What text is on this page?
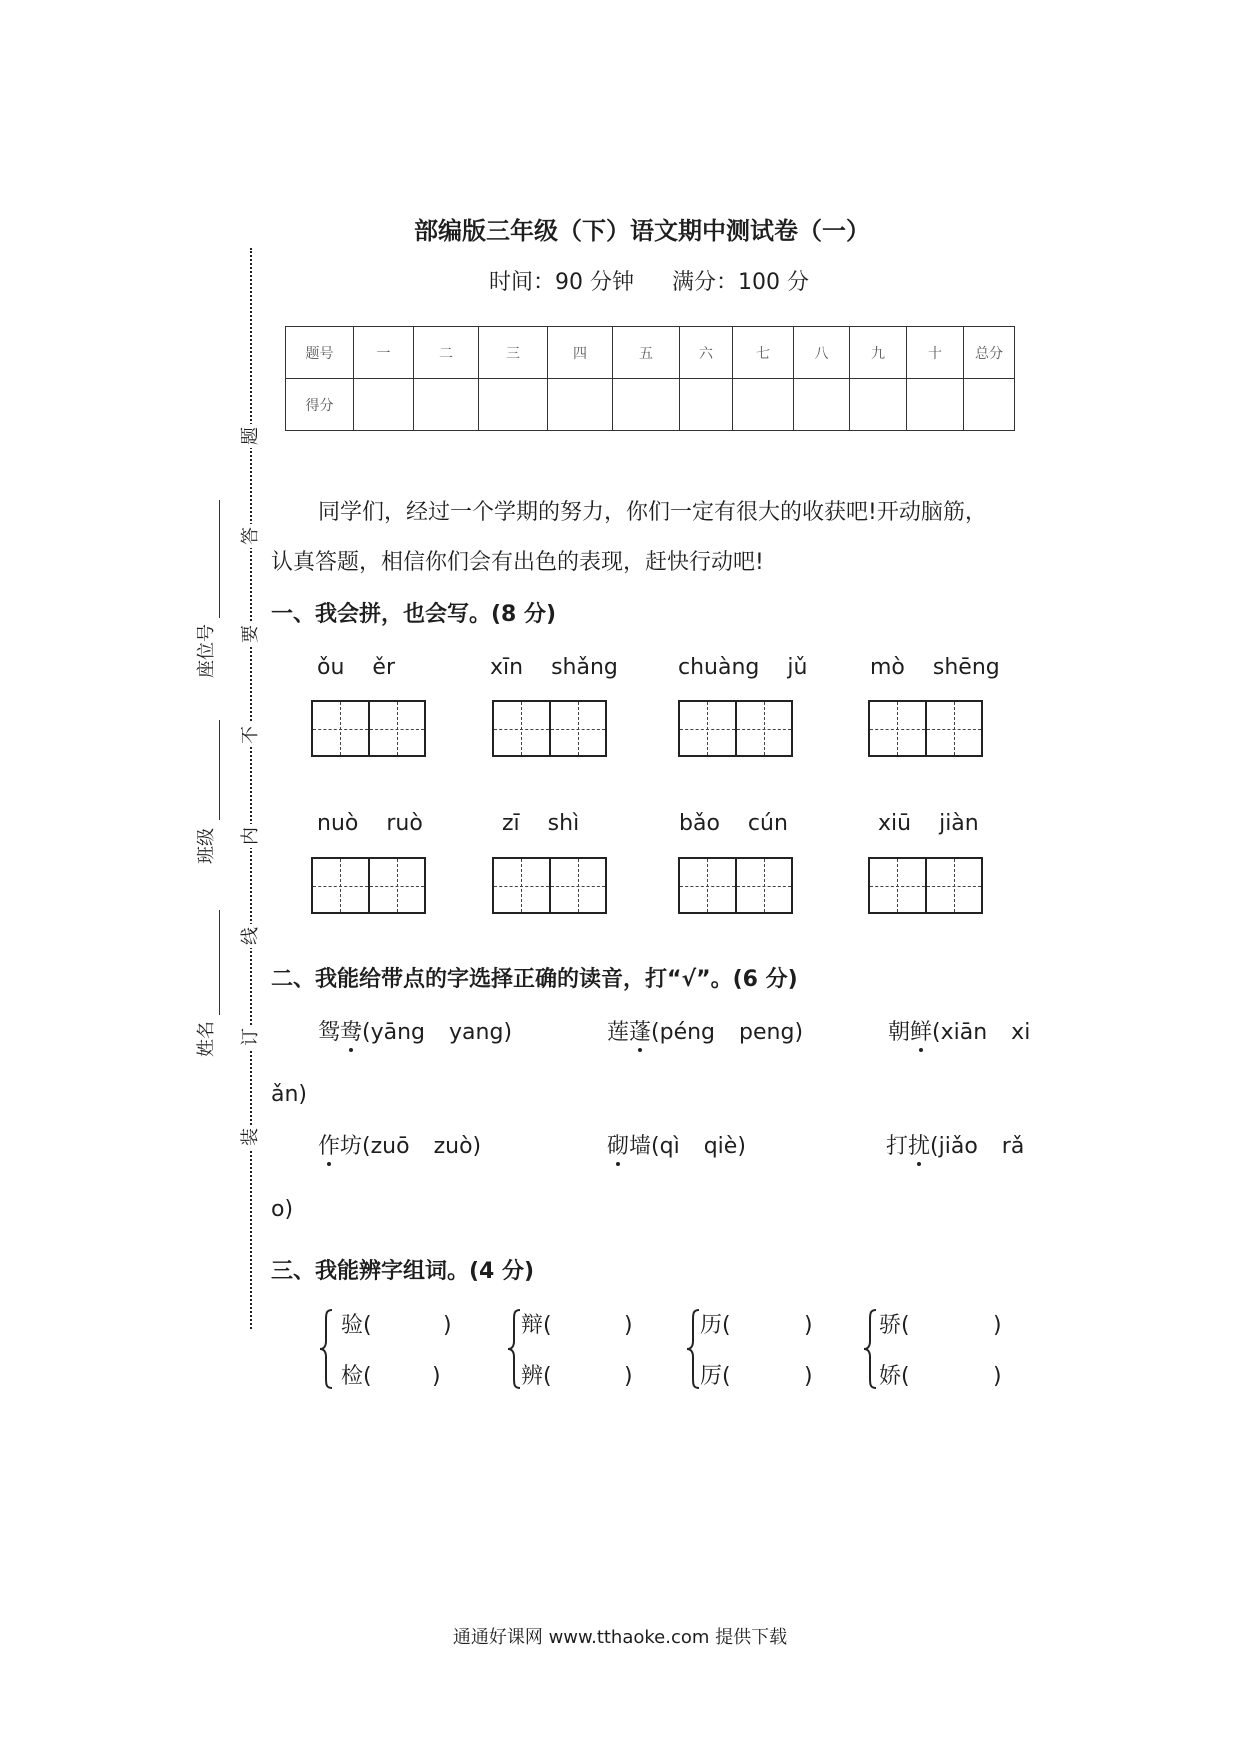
部编版三年级（下）语文期中测试卷（一）
时间：90 分钟 满分：100 分
题号	一	二	三	四	五	六	七	八	九	十	总分
得分											
装
订
线
内
不
要
答
题
座位号
班级
姓名
同学们，经过一个学期的努力，你们一定有很大的收获吧!开动脑筋，
认真答题，相信你们会有出色的表现，赶快行动吧!
一、我会拼，也会写。(8 分)
ǒu ěr	xīn shǎng	chuàng jǔ	mò shēng
nuò ruò	zī shì	bǎo cún	xiū jiàn
二、我能给带点的字选择正确的读音，打“√”。(6 分)
鸳 鸯 (yāng yang)	莲 蓬 (péng peng)	朝 鲜 (xiān xi
ǎn)
作 坊 (zuō zuò)	砌 墙 (qì qiè)	打 扰 (jiǎo rǎ
o)
三、我能辨字组词。(4 分)
验(	)
检(	)
辩(	)
辨(	)
历(	)
厉(	)
骄(	)
娇(	)
通通好课网 www.tthaoke.com 提供下载
